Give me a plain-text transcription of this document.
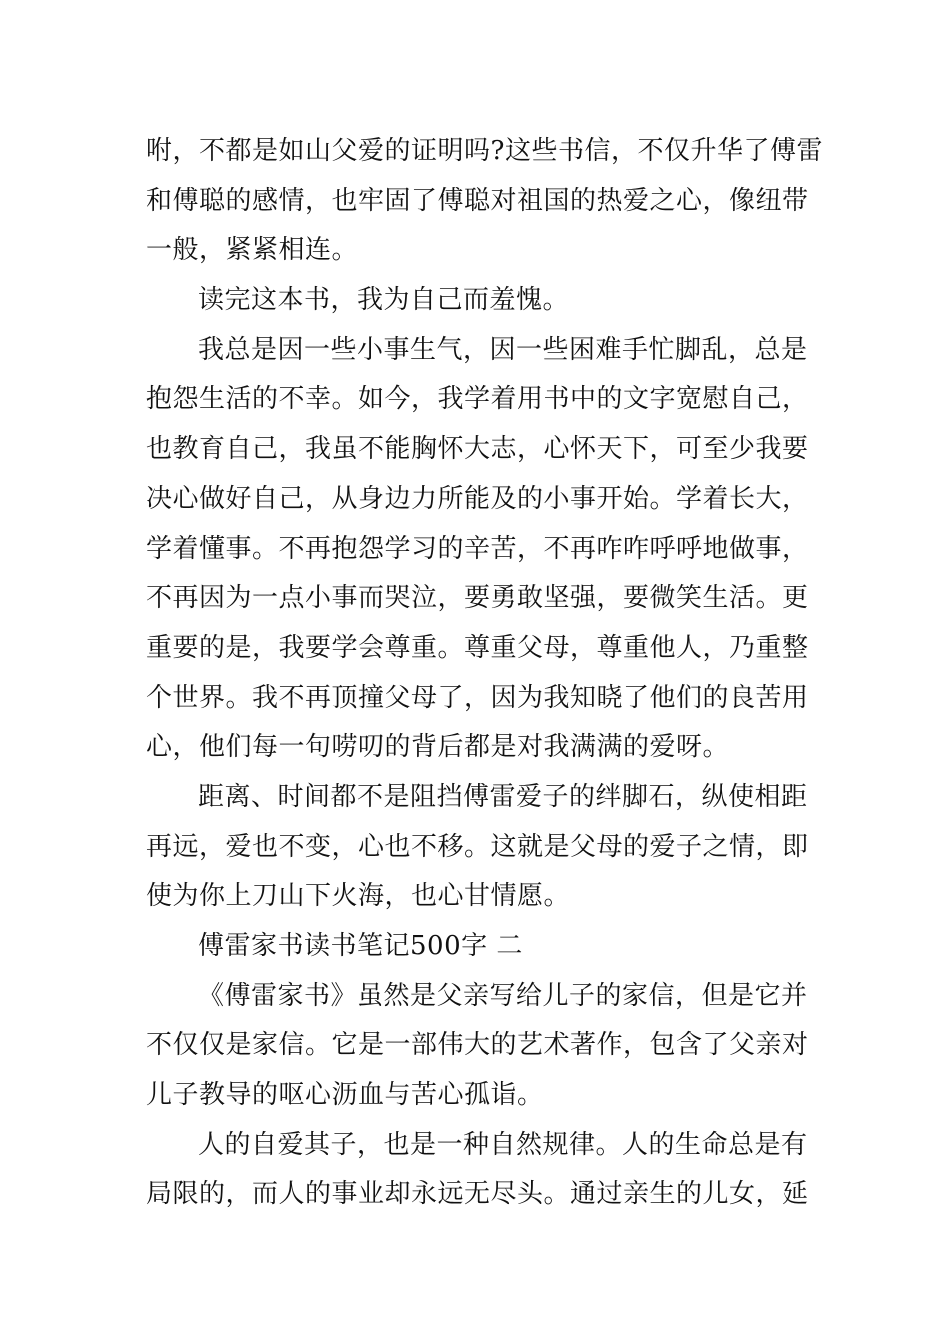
咐，不都是如山父爱的证明吗?这些书信，不仅升华了傅雷
和傅聪的感情，也牢固了傅聪对祖国的热爱之心，像纽带
一般，紧紧相连。
读完这本书，我为自己而羞愧。
我总是因一些小事生气，因一些困难手忙脚乱，总是
抱怨生活的不幸。如今，我学着用书中的文字宽慰自己，
也教育自己，我虽不能胸怀大志，心怀天下，可至少我要
决心做好自己，从身边力所能及的小事开始。学着长大，
学着懂事。不再抱怨学习的辛苦，不再咋咋呼呼地做事，
不再因为一点小事而哭泣，要勇敢坚强，要微笑生活。更
重要的是，我要学会尊重。尊重父母，尊重他人，乃重整
个世界。我不再顶撞父母了，因为我知晓了他们的良苦用
心，他们每一句唠叨的背后都是对我满满的爱呀。
距离、时间都不是阻挡傅雷爱子的绊脚石，纵使相距
再远，爱也不变，心也不移。这就是父母的爱子之情，即
使为你上刀山下火海，也心甘情愿。
傅雷家书读书笔记500字 二
《傅雷家书》虽然是父亲写给儿子的家信，但是它并
不仅仅是家信。它是一部伟大的艺术著作，包含了父亲对
儿子教导的呕心沥血与苦心孤诣。
人的自爱其子，也是一种自然规律。人的生命总是有
局限的，而人的事业却永远无尽头。通过亲生的儿女，延
